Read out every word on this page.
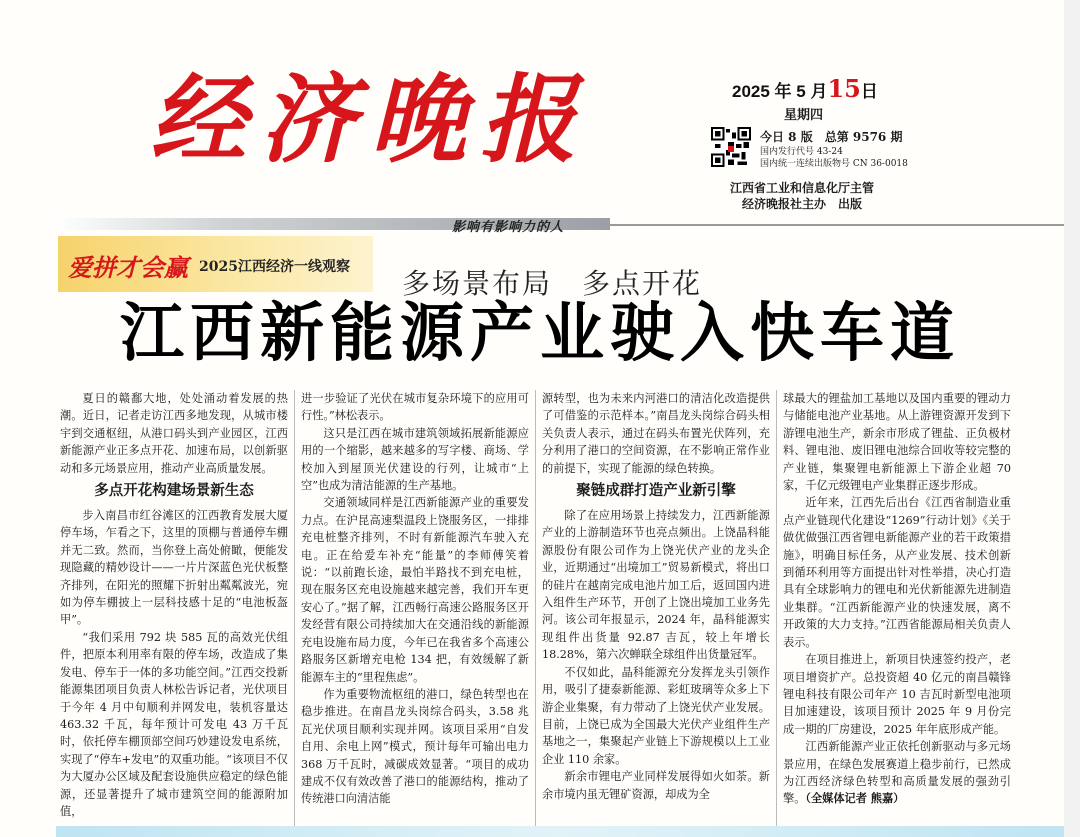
经济晚报	2025 年 5 月15日
星期四
今日 8 版　总第 9576 期
国内发行代号 43-24
国内统一连续出版物号 CN 36-0018
江西省工业和信息化厅主管
经济晚报社主办　出版
影响有影响力的人
爱拼才会赢 2025江西经济一线观察 多场景布局　多点开花
江西新能源产业驶入快车道

夏日的赣鄱大地，处处涌动着发展的热潮。近日，记者走访江西多地发现，从城市楼宇到交通枢纽，从港口码头到产业园区，江西新能源产业正多点开花、加速布局，以创新驱动和多元场景应用，推动产业高质量发展。

多点开花构建场景新生态

步入南昌市红谷滩区的江西教育发展大厦停车场，乍看之下，这里的顶棚与普通停车棚并无二致。然而，当你登上高处俯瞰，便能发现隐藏的精妙设计——一片片深蓝色光伏板整齐排列，在阳光的照耀下折射出粼粼波光，宛如为停车棚披上一层科技感十足的“电池板盔甲”。

“我们采用 792 块 585 瓦的高效光伏组件，把原本利用率有限的停车场，改造成了集发电、停车于一体的多功能空间。”江西交投新能源集团项目负责人林松告诉记者，光伏项目于今年 4 月中旬顺利并网发电，装机容量达 463.32 千瓦，每年预计可发电 43 万千瓦时，依托停车棚顶部空间巧妙建设发电系统，实现了“停车+发电”的双重功能。“该项目不仅为大厦办公区域及配套设施供应稳定的绿色能源，还显著提升了城市建筑空间的能源附加值，

进一步验证了光伏在城市复杂环境下的应用可行性。”林松表示。

这只是江西在城市建筑领域拓展新能源应用的一个缩影，越来越多的写字楼、商场、学校加入到屋顶光伏建设的行列，让城市“上空”也成为清洁能源的生产基地。

交通领域同样是江西新能源产业的重要发力点。在沪昆高速梨温段上饶服务区，一排排充电桩整齐排列，不时有新能源汽车驶入充电。正在给爱车补充“能量”的李师傅笑着说：“以前跑长途，最怕半路找不到充电桩，现在服务区充电设施越来越完善，我们开车更安心了。”据了解，江西畅行高速公路服务区开发经营有限公司持续加大在交通沿线的新能源充电设施布局力度，今年已在我省多个高速公路服务区新增充电枪 134 把，有效缓解了新能源车主的“里程焦虑”。

作为重要物流枢纽的港口，绿色转型也在稳步推进。在南昌龙头岗综合码头，3.58 兆瓦光伏项目顺利实现并网。该项目采用“自发自用、余电上网”模式，预计每年可输出电力 368 万千瓦时，减碳成效显著。“项目的成功建成不仅有效改善了港口的能源结构，推动了传统港口向清洁能

源转型，也为未来内河港口的清洁化改造提供了可借鉴的示范样本。”南昌龙头岗综合码头相关负责人表示，通过在码头布置光伏阵列，充分利用了港口的空间资源，在不影响正常作业的前提下，实现了能源的绿色转换。

聚链成群打造产业新引擎

除了在应用场景上持续发力，江西新能源产业的上游制造环节也亮点频出。上饶晶科能源股份有限公司作为上饶光伏产业的龙头企业，近期通过“出境加工”贸易新模式，将出口的硅片在越南完成电池片加工后，返回国内进入组件生产环节，开创了上饶出境加工业务先河。该公司年报显示，2024 年，晶科能源实现组件出货量 92.87 吉瓦，较上年增长 18.28%，第六次蝉联全球组件出货量冠军。

不仅如此，晶科能源充分发挥龙头引领作用，吸引了捷泰新能源、彩虹玻璃等众多上下游企业集聚，有力带动了上饶光伏产业发展。目前，上饶已成为全国最大光伏产业组件生产基地之一，集聚起产业链上下游规模以上工业企业 110 余家。

新余市锂电产业同样发展得如火如荼。新余市境内虽无锂矿资源，却成为全

球最大的锂盐加工基地以及国内重要的锂动力与储能电池产业基地。从上游锂资源开发到下游锂电池生产，新余市形成了锂盐、正负极材料、锂电池、废旧锂电池综合回收等较完整的产业链，集聚锂电新能源上下游企业超 70 家，千亿元级锂电产业集群正逐步形成。

近年来，江西先后出台《江西省制造业重点产业链现代化建设“1269”行动计划》《关于做优做强江西省锂电新能源产业的若干政策措施》，明确目标任务，从产业发展、技术创新到循环利用等方面提出针对性举措，决心打造具有全球影响力的锂电和光伏新能源先进制造业集群。“江西新能源产业的快速发展，离不开政策的大力支持。”江西省能源局相关负责人表示。

在项目推进上，新项目快速签约投产，老项目增资扩产。总投资超 40 亿元的南昌赣锋锂电科技有限公司年产 10 吉瓦时新型电池项目加速建设，该项目预计 2025 年 9 月份完成一期的厂房建设，2025 年年底形成产能。

江西新能源产业正依托创新驱动与多元场景应用，在绿色发展赛道上稳步前行，已然成为江西经济绿色转型和高质量发展的强劲引擎。（全媒体记者 熊嘉）
